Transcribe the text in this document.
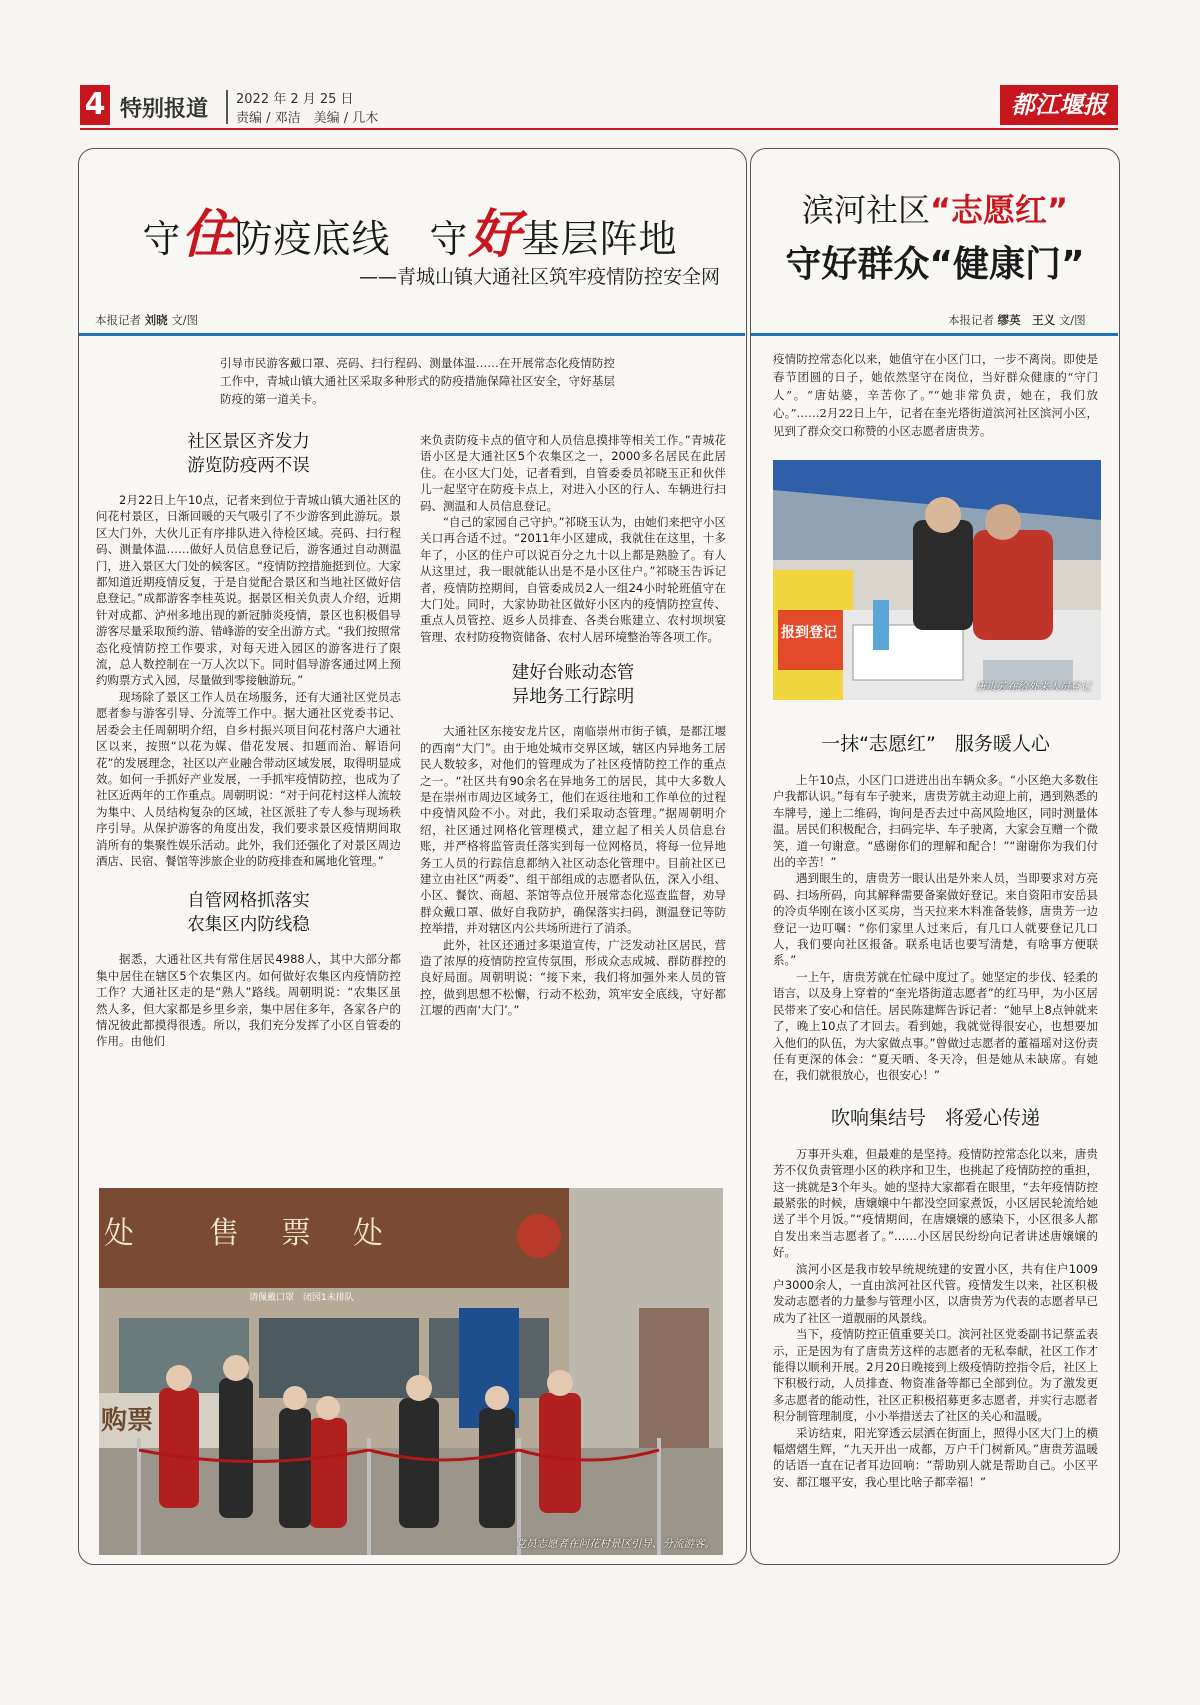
4 特别报道 2022 年 2 月 25 日
责编 / 邓洁　美编 / 几木	都江堰报
守住防疫底线　 守好基层阵地
——青城山镇大通社区筑牢疫情防控安全网
本报记者 刘晓 文/图
引导市民游客戴口罩、亮码、扫行程码、测量体温……在开展常态化疫情防控工作中，青城山镇大通社区采取多种形式的防疫措施保障社区安全，守好基层防疫的第一道关卡。
社区景区齐发力
游览防疫两不误

2月22日上午10点，记者来到位于青城山镇大通社区的问花村景区，日渐回暖的天气吸引了不少游客到此游玩。景区大门外，大伙儿正有序排队进入待检区域。亮码、扫行程码、测量体温……做好人员信息登记后，游客通过自动测温门，进入景区大门处的候客区。“疫情防控措施挺到位。大家都知道近期疫情反复，于是自觉配合景区和当地社区做好信息登记。”成都游客李桂英说。据景区相关负责人介绍，近期针对成都、泸州多地出现的新冠肺炎疫情，景区也积极倡导游客尽量采取预约游、错峰游的安全出游方式。“我们按照常态化疫情防控工作要求，对每天进入园区的游客进行了限流，总人数控制在一万人次以下。同时倡导游客通过网上预约购票方式入园，尽量做到零接触游玩。”

现场除了景区工作人员在场服务，还有大通社区党员志愿者参与游客引导、分流等工作中。据大通社区党委书记、居委会主任周朝明介绍，自乡村振兴项目问花村落户大通社区以来，按照“以花为媒、借花发展、扣题而治、解语问花”的发展理念，社区以产业融合带动区域发展，取得明显成效。如何一手抓好产业发展，一手抓牢疫情防控，也成为了社区近两年的工作重点。周朝明说：“对于问花村这样人流较为集中、人员结构复杂的区域，社区派驻了专人参与现场秩序引导。从保护游客的角度出发，我们要求景区疫情期间取消所有的集聚性娱乐活动。此外，我们还强化了对景区周边酒店、民宿、餐馆等涉旅企业的防疫排查和属地化管理。”

自管网格抓落实
农集区内防线稳

据悉，大通社区共有常住居民4988人，其中大部分都集中居住在辖区5个农集区内。如何做好农集区内疫情防控工作？大通社区走的是“熟人”路线。周朝明说：“农集区虽然人多，但大家都是乡里乡亲，集中居住多年，各家各户的情况彼此都摸得很透。所以，我们充分发挥了小区自管委的作用。由他们

来负责防疫卡点的值守和人员信息摸排等相关工作。”青城花语小区是大通社区5个农集区之一，2000多名居民在此居住。在小区大门处，记者看到，自管委委员祁晓玉正和伙伴儿一起坚守在防疫卡点上，对进入小区的行人、车辆进行扫码、测温和人员信息登记。

“自己的家园自己守护。”祁晓玉认为，由她们来把守小区关口再合适不过。“2011年小区建成，我就住在这里，十多年了，小区的住户可以说百分之九十以上都是熟脸了。有人从这里过，我一眼就能认出是不是小区住户。”祁晓玉告诉记者，疫情防控期间，自管委成员2人一组24小时轮班值守在大门处。同时，大家协助社区做好小区内的疫情防控宣传、重点人员管控、返乡人员排查、各类台账建立、农村坝坝宴管理、农村防疫物资储备、农村人居环境整治等各项工作。

建好台账动态管
异地务工行踪明

大通社区东接安龙片区，南临崇州市街子镇，是都江堰的西南“大门”。由于地处城市交界区域，辖区内异地务工居民人数较多，对他们的管理成为了社区疫情防控工作的重点之一。“社区共有90余名在异地务工的居民，其中大多数人是在崇州市周边区域务工，他们在返往地和工作单位的过程中疫情风险不小。对此，我们采取动态管理。”据周朝明介绍，社区通过网格化管理模式，建立起了相关人员信息台账，并严格将监管责任落实到每一位网格员，将每一位异地务工人员的行踪信息都纳入社区动态化管理中。目前社区已建立由社区“两委”、组干部组成的志愿者队伍，深入小组、小区、餐饮、商超、茶馆等点位开展常态化巡查监督，劝导群众戴口罩、做好自我防护，确保落实扫码，测温登记等防控举措，并对辖区内公共场所进行了消杀。

此外，社区还通过多渠道宣传，广泛发动社区居民，营造了浓厚的疫情防控宣传氛围，形成众志成城、群防群控的良好局面。周朝明说：“接下来，我们将加强外来人员的管控，做到思想不松懈，行动不松劲，筑牢安全底线，守好都江堰的西南‘大门’。”

售　票　处
处
请佩戴口罩　闭园1未排队
购票
党员志愿者在问花村景区引导、分流游客。
滨河社区“志愿红”
守好群众“健康门”
本报记者 缪英　王义 文/图
疫情防控常态化以来，她值守在小区门口，一步不离岗。即使是春节团圆的日子，她依然坚守在岗位，当好群众健康的“守门人”。“唐姑婆，辛苦你了。”“她非常负责，她在，我们放心。”……2月22日上午，记者在奎光塔街道滨河社区滨河小区，见到了群众交口称赞的小区志愿者唐贵芳。
报到登记
唐贵芳在给外来人员登记
一抹“志愿红”　服务暖人心

上午10点，小区门口进进出出车辆众多。“小区绝大多数住户我都认识。”每有车子驶来，唐贵芳就主动迎上前，遇到熟悉的车牌号，递上二维码，询问是否去过中高风险地区，同时测量体温。居民们积极配合，扫码完毕、车子驶离，大家会互赠一个微笑，道一句谢意。“感谢你们的理解和配合！”“谢谢你为我们付出的辛苦！”

遇到眼生的，唐贵芳一眼认出是外来人员，当即要求对方亮码、扫场所码，向其解释需要备案做好登记。来自资阳市安岳县的冷贞华刚在该小区买房，当天拉来木料准备装修，唐贵芳一边登记一边叮嘱：“你们家里人过来后，有几口人就要登记几口人，我们要向社区报备。联系电话也要写清楚，有啥事方便联系。”

一上午，唐贵芳就在忙碌中度过了。她坚定的步伐、轻柔的语言，以及身上穿着的“奎光塔街道志愿者”的红马甲，为小区居民带来了安心和信任。居民陈建辉告诉记者：“她早上8点钟就来了，晚上10点了才回去。看到她，我就觉得很安心，也想要加入他们的队伍，为大家做点事。”曾做过志愿者的董福瑶对这份责任有更深的体会：“夏天晒、冬天冷，但是她从未缺席。有她在，我们就很放心，也很安心！”

吹响集结号　将爱心传递

万事开头难，但最难的是坚持。疫情防控常态化以来，唐贵芳不仅负责管理小区的秩序和卫生，也挑起了疫情防控的重担，这一挑就是3个年头。她的坚持大家都看在眼里，“去年疫情防控最紧张的时候，唐嬢嬢中午都没空回家煮饭，小区居民轮流给她送了半个月饭。”“疫情期间，在唐嬢嬢的感染下，小区很多人都自发出来当志愿者了。”……小区居民纷纷向记者讲述唐嬢嬢的好。

滨河小区是我市较早统规统建的安置小区，共有住户1009户3000余人，一直由滨河社区代管。疫情发生以来，社区积极发动志愿者的力量参与管理小区，以唐贵芳为代表的志愿者早已成为了社区一道靓丽的风景线。

当下，疫情防控正值重要关口。滨河社区党委副书记蔡孟表示，正是因为有了唐贵芳这样的志愿者的无私奉献，社区工作才能得以顺利开展。2月20日晚接到上级疫情防控指令后，社区上下积极行动，人员排查、物资准备等都已全部到位。为了激发更多志愿者的能动性，社区正积极招募更多志愿者，并实行志愿者积分制管理制度，小小举措送去了社区的关心和温暖。

采访结束，阳光穿透云层洒在街面上，照得小区大门上的横幅熠熠生辉，“九天开出一成都，万户千门树新风。”唐贵芳温暖的话语一直在记者耳边回响：“帮助别人就是帮助自己。小区平安、都江堰平安，我心里比啥子都幸福！”
